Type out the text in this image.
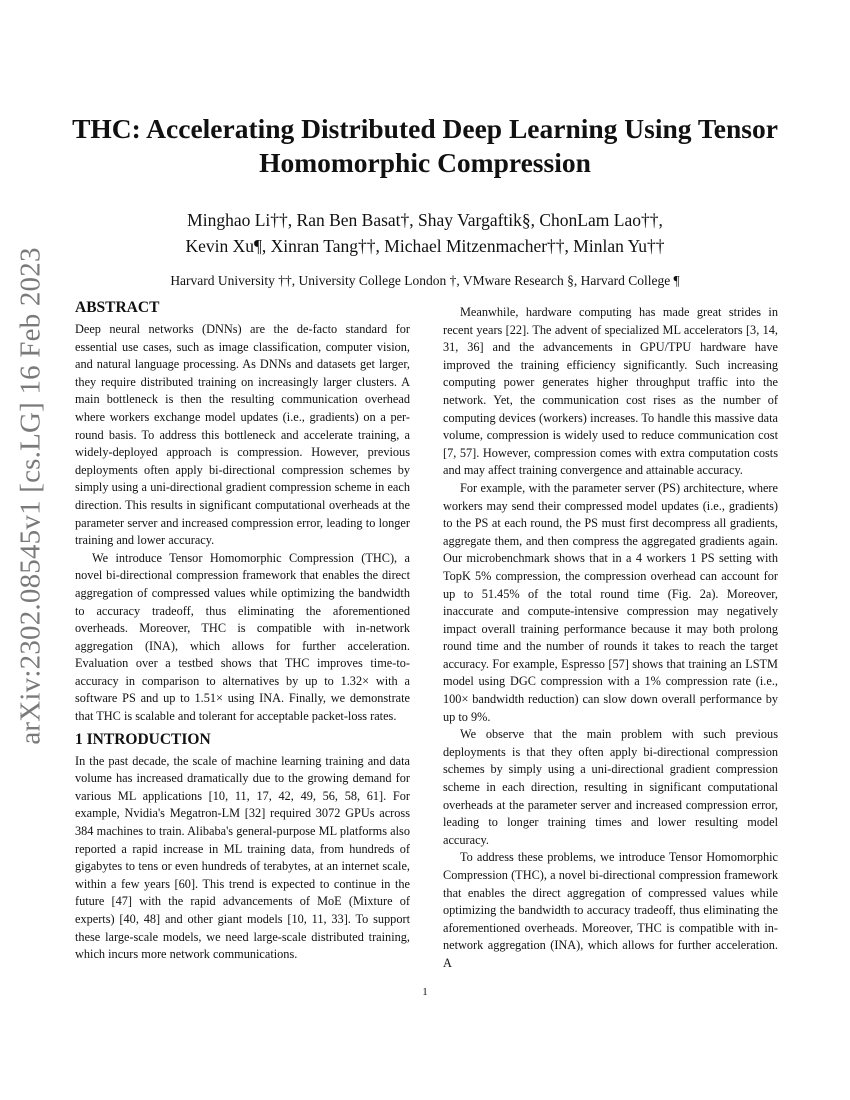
arXiv:2302.08545v1 [cs.LG] 16 Feb 2023
THC: Accelerating Distributed Deep Learning Using Tensor Homomorphic Compression
Minghao Li††, Ran Ben Basat†, Shay Vargaftik§, ChonLam Lao††,
Kevin Xu¶, Xinran Tang††, Michael Mitzenmacher††, Minlan Yu††
Harvard University ††, University College London †, VMware Research §, Harvard College ¶
ABSTRACT

Deep neural networks (DNNs) are the de-facto standard for essential use cases, such as image classification, computer vision, and natural language processing. As DNNs and datasets get larger, they require distributed training on increasingly larger clusters. A main bottleneck is then the resulting communication overhead where workers exchange model updates (i.e., gradients) on a per-round basis. To address this bottleneck and accelerate training, a widely-deployed approach is compression. However, previous deployments often apply bi-directional compression schemes by simply using a uni-directional gradient compression scheme in each direction. This results in significant computational overheads at the parameter server and increased compression error, leading to longer training and lower accuracy.

We introduce Tensor Homomorphic Compression (THC), a novel bi-directional compression framework that enables the direct aggregation of compressed values while optimizing the bandwidth to accuracy tradeoff, thus eliminating the aforementioned overheads. Moreover, THC is compatible with in-network aggregation (INA), which allows for further acceleration. Evaluation over a testbed shows that THC improves time-to-accuracy in comparison to alternatives by up to 1.32× with a software PS and up to 1.51× using INA. Finally, we demonstrate that THC is scalable and tolerant for acceptable packet-loss rates.

1 INTRODUCTION

In the past decade, the scale of machine learning training and data volume has increased dramatically due to the growing demand for various ML applications [10, 11, 17, 42, 49, 56, 58, 61]. For example, Nvidia's Megatron-LM [32] required 3072 GPUs across 384 machines to train. Alibaba's general-purpose ML platforms also reported a rapid increase in ML training data, from hundreds of gigabytes to tens or even hundreds of terabytes, at an internet scale, within a few years [60]. This trend is expected to continue in the future [47] with the rapid advancements of MoE (Mixture of experts) [40, 48] and other giant models [10, 11, 33]. To support these large-scale models, we need large-scale distributed training, which incurs more network communications.

Meanwhile, hardware computing has made great strides in recent years [22]. The advent of specialized ML accelerators [3, 14, 31, 36] and the advancements in GPU/TPU hardware have improved the training efficiency significantly. Such increasing computing power generates higher throughput traffic into the network. Yet, the communication cost rises as the number of computing devices (workers) increases. To handle this massive data volume, compression is widely used to reduce communication cost [7, 57]. However, compression comes with extra computation costs and may affect training convergence and attainable accuracy.

For example, with the parameter server (PS) architecture, where workers may send their compressed model updates (i.e., gradients) to the PS at each round, the PS must first decompress all gradients, aggregate them, and then compress the aggregated gradients again. Our microbenchmark shows that in a 4 workers 1 PS setting with TopK 5% compression, the compression overhead can account for up to 51.45% of the total round time (Fig. 2a). Moreover, inaccurate and compute-intensive compression may negatively impact overall training performance because it may both prolong round time and the number of rounds it takes to reach the target accuracy. For example, Espresso [57] shows that training an LSTM model using DGC compression with a 1% compression rate (i.e., 100× bandwidth reduction) can slow down overall performance by up to 9%.

We observe that the main problem with such previous deployments is that they often apply bi-directional compression schemes by simply using a uni-directional gradient compression scheme in each direction, resulting in significant computational overheads at the parameter server and increased compression error, leading to longer training times and lower resulting model accuracy.

To address these problems, we introduce Tensor Homomorphic Compression (THC), a novel bi-directional compression framework that enables the direct aggregation of compressed values while optimizing the bandwidth to accuracy tradeoff, thus eliminating the aforementioned overheads. Moreover, THC is compatible with in-network aggregation (INA), which allows for further acceleration. A

1
